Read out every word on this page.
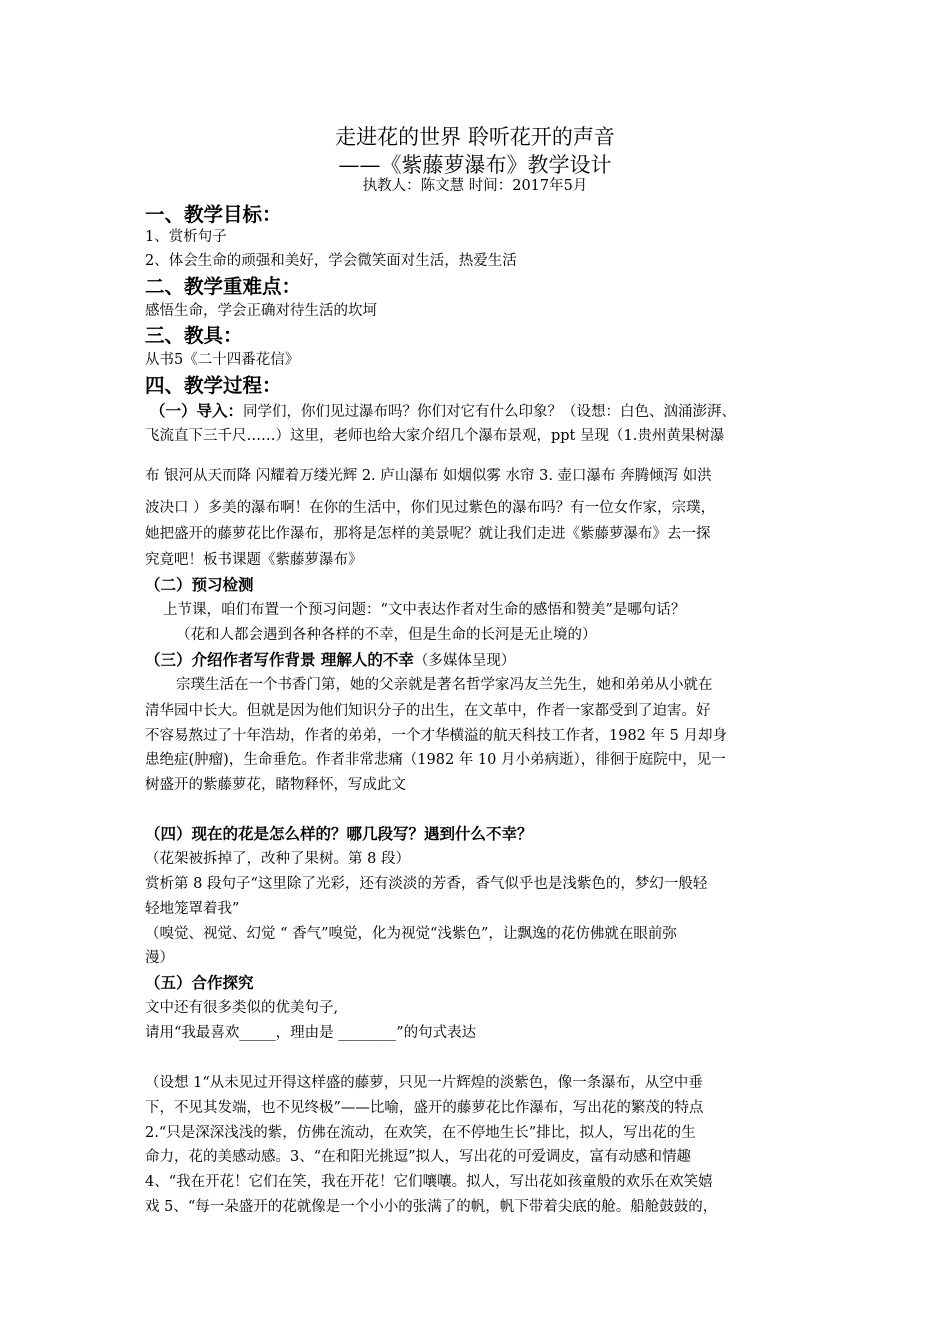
走进花的世界 聆听花开的声音
——《紫藤萝瀑布》教学设计
执教人：陈文慧 时间：2017年5月
一、教学目标：
1、赏析句子
2、体会生命的顽强和美好，学会微笑面对生活，热爱生活
二、教学重难点：
感悟生命，学会正确对待生活的坎坷
三、教具：
从书5《二十四番花信》
四、教学过程：
（一）导入：同学们，你们见过瀑布吗？你们对它有什么印象？（设想：白色、汹涌澎湃、
飞流直下三千尺……）这里，老师也给大家介绍几个瀑布景观，ppt 呈现（1.贵州黄果树瀑
布 银河从天而降 闪耀着万缕光辉 2. 庐山瀑布 如烟似雾 水帘 3. 壶口瀑布 奔腾倾泻 如洪
波决口 ）多美的瀑布啊！在你的生活中，你们见过紫色的瀑布吗？有一位女作家，宗璞，
她把盛开的藤萝花比作瀑布，那将是怎样的美景呢？就让我们走进《紫藤萝瀑布》去一探
究竟吧！板书课题《紫藤萝瀑布》
（二）预习检测
上节课，咱们布置一个预习问题：“文中表达作者对生命的感悟和赞美”是哪句话？
（花和人都会遇到各种各样的不幸，但是生命的长河是无止境的）
（三）介绍作者写作背景 理解人的不幸（多媒体呈现）
宗璞生活在一个书香门第，她的父亲就是著名哲学家冯友兰先生，她和弟弟从小就在
清华园中长大。但就是因为他们知识分子的出生，在文革中，作者一家都受到了迫害。好
不容易熬过了十年浩劫，作者的弟弟，一个才华横溢的航天科技工作者，1982 年 5 月却身
患绝症(肿瘤)，生命垂危。作者非常悲痛（1982 年 10 月小弟病逝），徘徊于庭院中，见一
树盛开的紫藤萝花，睹物释怀，写成此文
（四）现在的花是怎么样的？哪几段写？遇到什么不幸？
（花架被拆掉了，改种了果树。第 8 段）
赏析第 8 段句子“这里除了光彩，还有淡淡的芳香，香气似乎也是浅紫色的，梦幻一般轻
轻地笼罩着我”
（嗅觉、视觉、幻觉 “ 香气”嗅觉，化为视觉“浅紫色”，让飘逸的花仿佛就在眼前弥
漫）
（五）合作探究
文中还有很多类似的优美句子,
请用“我最喜欢_____，理由是 ________”的句式表达
（设想 1“从未见过开得这样盛的藤萝，只见一片辉煌的淡紫色，像一条瀑布，从空中垂
下，不见其发端，也不见终极”——比喻，盛开的藤萝花比作瀑布，写出花的繁茂的特点
2.“只是深深浅浅的紫，仿佛在流动，在欢笑，在不停地生长”排比，拟人，写出花的生
命力，花的美感动感。3、“在和阳光挑逗”拟人，写出花的可爱调皮，富有动感和情趣
4、“我在开花！它们在笑，我在开花！它们嚷嚷。拟人，写出花如孩童般的欢乐在欢笑嬉
戏 5、“每一朵盛开的花就像是一个小小的张满了的帆，帆下带着尖底的舱。船舱鼓鼓的，
